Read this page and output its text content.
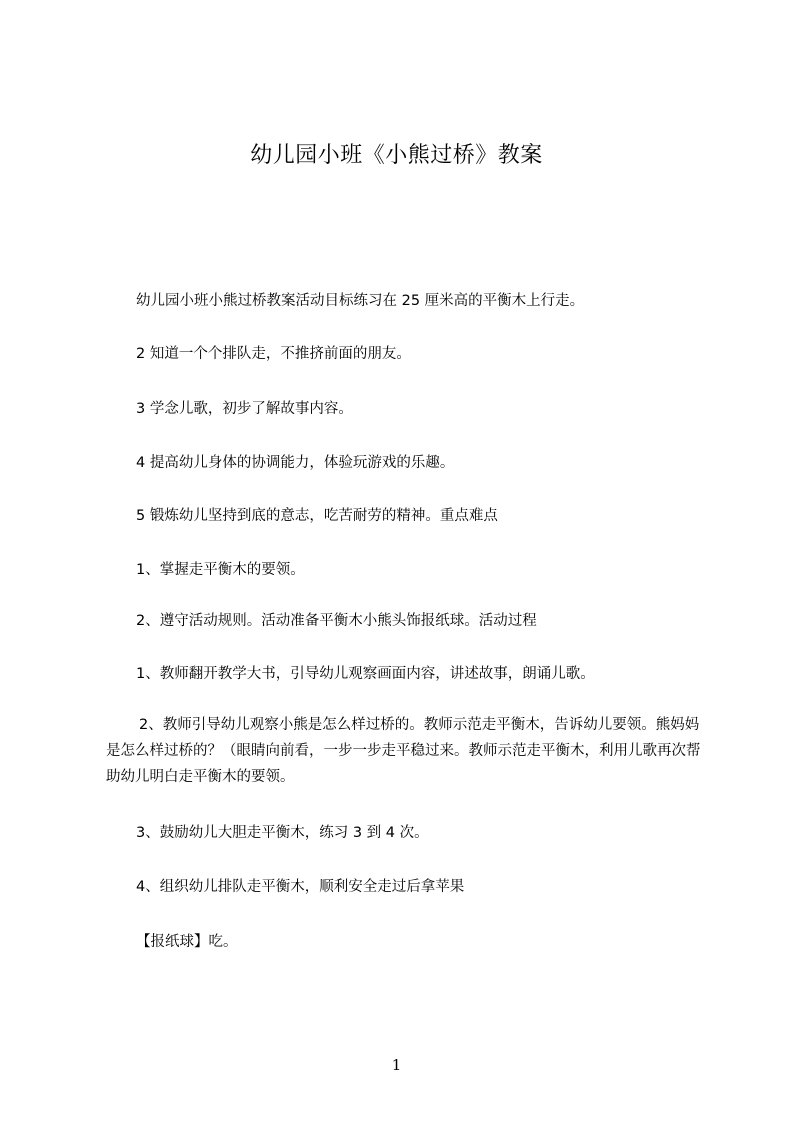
幼儿园小班《小熊过桥》教案
幼儿园小班小熊过桥教案活动目标练习在 25 厘米高的平衡木上行走。
2 知道一个个排队走，不推挤前面的朋友。
3 学念儿歌，初步了解故事内容。
4 提高幼儿身体的协调能力，体验玩游戏的乐趣。
5 锻炼幼儿坚持到底的意志，吃苦耐劳的精神。重点难点
1、掌握走平衡木的要领。
2、遵守活动规则。活动准备平衡木小熊头饰报纸球。活动过程
1、教师翻开教学大书，引导幼儿观察画面内容，讲述故事，朗诵儿歌。
2、教师引导幼儿观察小熊是怎么样过桥的。教师示范走平衡木，告诉幼儿要领。熊妈妈是怎么样过桥的？（眼睛向前看，一步一步走平稳过来。教师示范走平衡木，利用儿歌再次帮助幼儿明白走平衡木的要领。
3、鼓励幼儿大胆走平衡木，练习 3 到 4 次。
4、组织幼儿排队走平衡木，顺利安全走过后拿苹果
【报纸球】吃。
1
